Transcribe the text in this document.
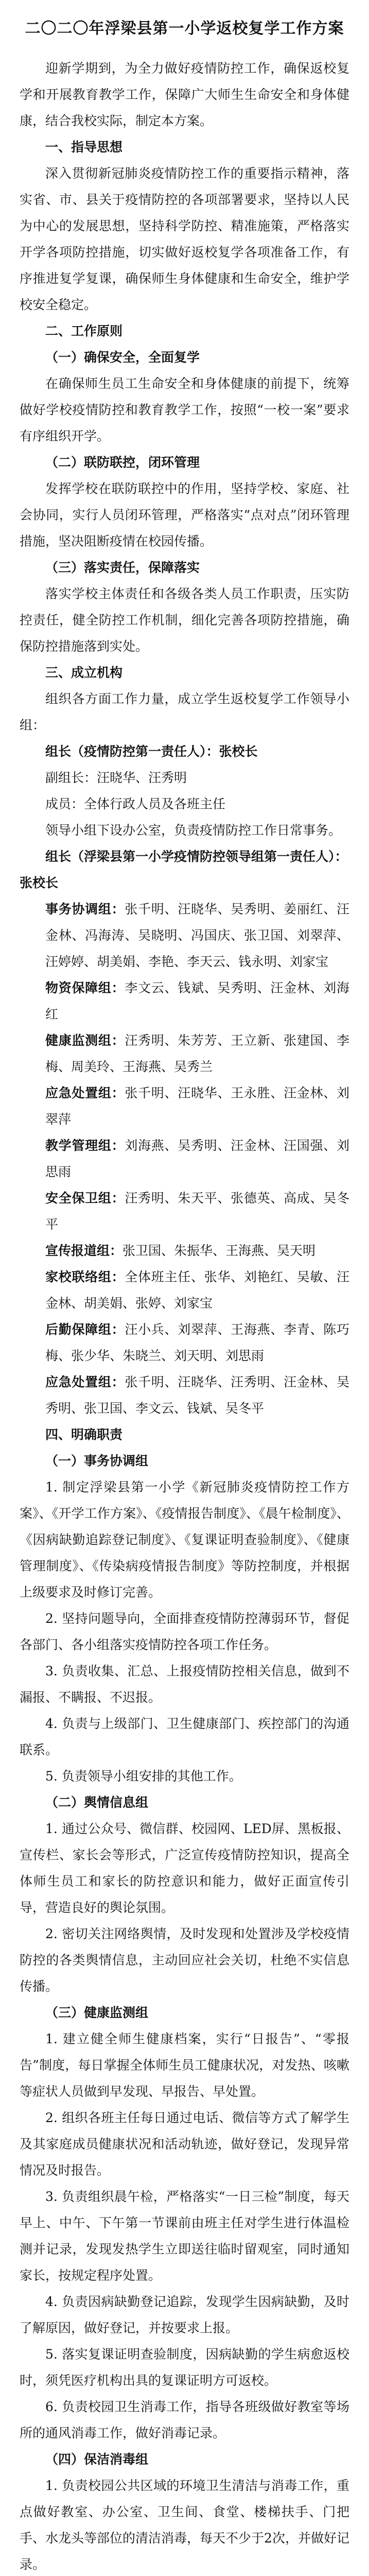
二〇二〇年浮梁县第一小学返校复学工作方案

迎新学期到，为全力做好疫情防控工作，确保返校复学和开展教育教学工作，保障广大师生生命安全和身体健康，结合我校实际，制定本方案。

一、指导思想

深入贯彻新冠肺炎疫情防控工作的重要指示精神，落实省、市、县关于疫情防控的各项部署要求，坚持以人民为中心的发展思想，坚持科学防控、精准施策，严格落实开学各项防控措施，切实做好返校复学各项准备工作，有序推进复学复课，确保师生身体健康和生命安全，维护学校安全稳定。

二、工作原则

（一）确保安全，全面复学

在确保师生员工生命安全和身体健康的前提下，统筹做好学校疫情防控和教育教学工作，按照“一校一案”要求有序组织开学。

（二）联防联控，闭环管理

发挥学校在联防联控中的作用，坚持学校、家庭、社会协同，实行人员闭环管理，严格落实“点对点”闭环管理措施，坚决阻断疫情在校园传播。

（三）落实责任，保障落实

落实学校主体责任和各级各类人员工作职责，压实防控责任，健全防控工作机制，细化完善各项防控措施，确保防控措施落到实处。

三、成立机构

组织各方面工作力量，成立学生返校复学工作领导小组：

组长（疫情防控第一责任人）：张校长

副组长：汪晓华、汪秀明

成员：全体行政人员及各班主任

领导小组下设办公室，负责疫情防控工作日常事务。

组长（浮梁县第一小学疫情防控领导组第一责任人）：张校长

事务协调组：张千明、汪晓华、吴秀明、姜丽红、汪金林、冯海涛、吴晓明、冯国庆、张卫国、刘翠萍、汪婷婷、胡美娟、李艳、李天云、钱永明、刘家宝

物资保障组：李文云、钱斌、吴秀明、汪金林、刘海红

健康监测组：汪秀明、朱芳芳、王立新、张建国、李梅、周美玲、王海燕、吴秀兰

应急处置组：张千明、汪晓华、王永胜、汪金林、刘翠萍

教学管理组：刘海燕、吴秀明、汪金林、汪国强、刘思雨

安全保卫组：汪秀明、朱天平、张德英、高成、吴冬平

宣传报道组：张卫国、朱振华、王海燕、吴天明

家校联络组：全体班主任、张华、刘艳红、吴敏、汪金林、胡美娟、张婷、刘家宝

后勤保障组：汪小兵、刘翠萍、王海燕、李青、陈巧梅、张少华、朱晓兰、刘天明、刘思雨

应急处置组：张千明、汪晓华、汪秀明、汪金林、吴秀明、张卫国、李文云、钱斌、吴冬平

四、明确职责

（一）事务协调组

1. 制定浮梁县第一小学《新冠肺炎疫情防控工作方案》、《开学工作方案》、《疫情报告制度》、《晨午检制度》、《因病缺勤追踪登记制度》、《复课证明查验制度》、《健康管理制度》、《传染病疫情报告制度》等防控制度，并根据上级要求及时修订完善。

2. 坚持问题导向，全面排查疫情防控薄弱环节，督促各部门、各小组落实疫情防控各项工作任务。

3. 负责收集、汇总、上报疫情防控相关信息，做到不漏报、不瞒报、不迟报。

4. 负责与上级部门、卫生健康部门、疾控部门的沟通联系。

5. 负责领导小组安排的其他工作。

（二）舆情信息组

1. 通过公众号、微信群、校园网、LED屏、黑板报、宣传栏、家长会等形式，广泛宣传疫情防控知识，提高全体师生员工和家长的防控意识和能力，做好正面宣传引导，营造良好的舆论氛围。

2. 密切关注网络舆情，及时发现和处置涉及学校疫情防控的各类舆情信息，主动回应社会关切，杜绝不实信息传播。

（三）健康监测组

1. 建立健全师生健康档案，实行“日报告”、“零报告”制度，每日掌握全体师生员工健康状况，对发热、咳嗽等症状人员做到早发现、早报告、早处置。

2. 组织各班主任每日通过电话、微信等方式了解学生及其家庭成员健康状况和活动轨迹，做好登记，发现异常情况及时报告。

3. 负责组织晨午检，严格落实“一日三检”制度，每天早上、中午、下午第一节课前由班主任对学生进行体温检测并记录，发现发热学生立即送往临时留观室，同时通知家长，按规定程序处置。

4. 负责因病缺勤登记追踪，发现学生因病缺勤，及时了解原因，做好登记，并按要求上报。

5. 落实复课证明查验制度，因病缺勤的学生病愈返校时，须凭医疗机构出具的复课证明方可返校。

6. 负责校园卫生消毒工作，指导各班级做好教室等场所的通风消毒工作，做好消毒记录。

（四）保洁消毒组

1. 负责校园公共区域的环境卫生清洁与消毒工作，重点做好教室、办公室、卫生间、食堂、楼梯扶手、门把手、水龙头等部位的清洁消毒，每天不少于2次，并做好记录。
